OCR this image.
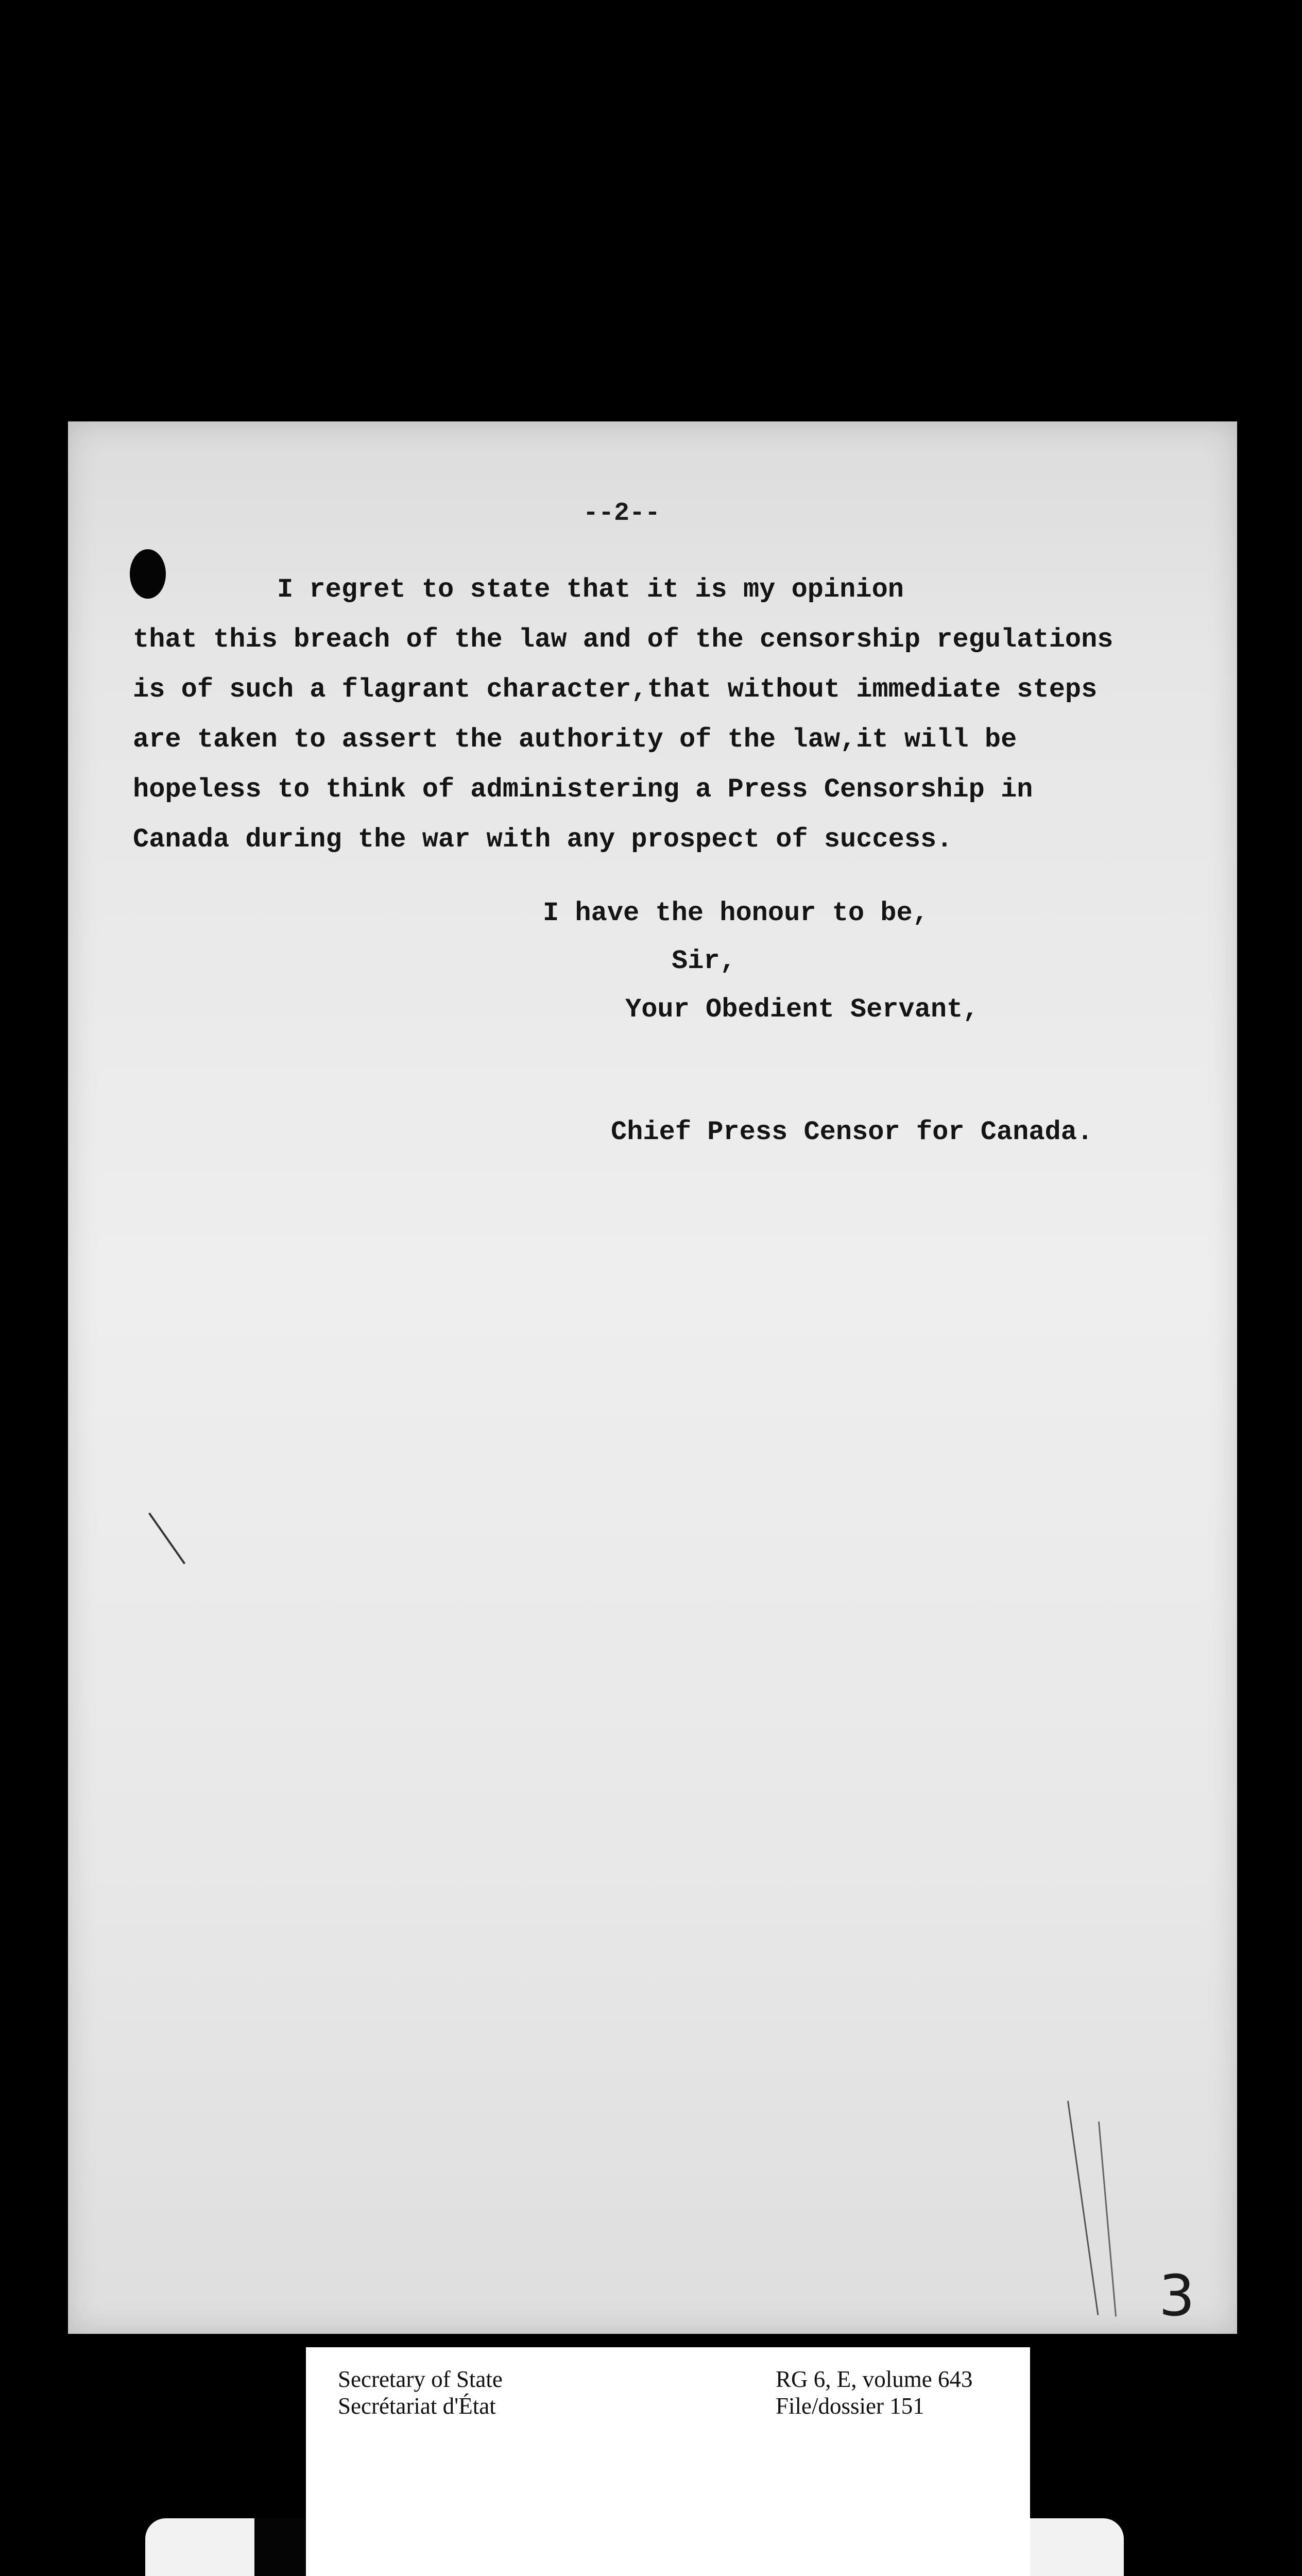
--2--

I regret to state that it is my opinion
that this breach of the law and of the censorship regulations
is of such a flagrant character,that without immediate steps
are taken to assert the authority of the law,it will be
hopeless to think of administering a Press Censorship in
Canada during the war with any prospect of success.

I have the honour to be,

Sir,

Your Obedient Servant,

Chief Press Censor for Canada.

3

Secretary of State

Secrétariat d'État

RG 6, E, volume 643

File/dossier 151
